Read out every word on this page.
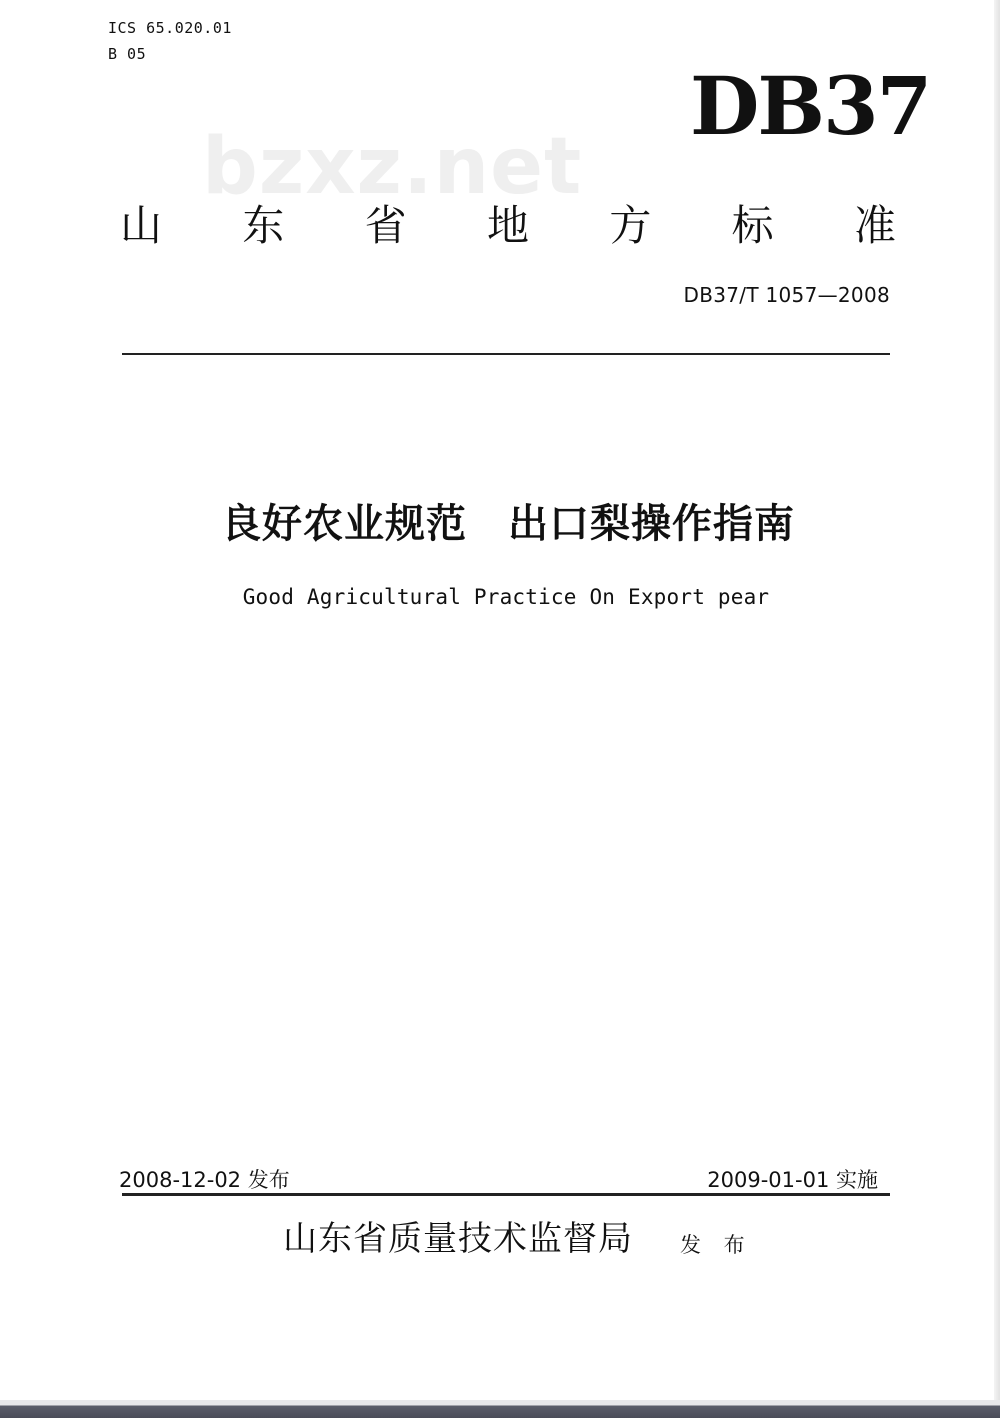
ICS 65.020.01
B 05
bzxz.net
DB37
山 东 省 地 方 标 准
DB37/T 1057—2008
良好农业规范　出口梨操作指南
Good Agricultural Practice On Export pear
2008-12-02 发布	2009-01-01 实施
山东省质量技术监督局 发 布
